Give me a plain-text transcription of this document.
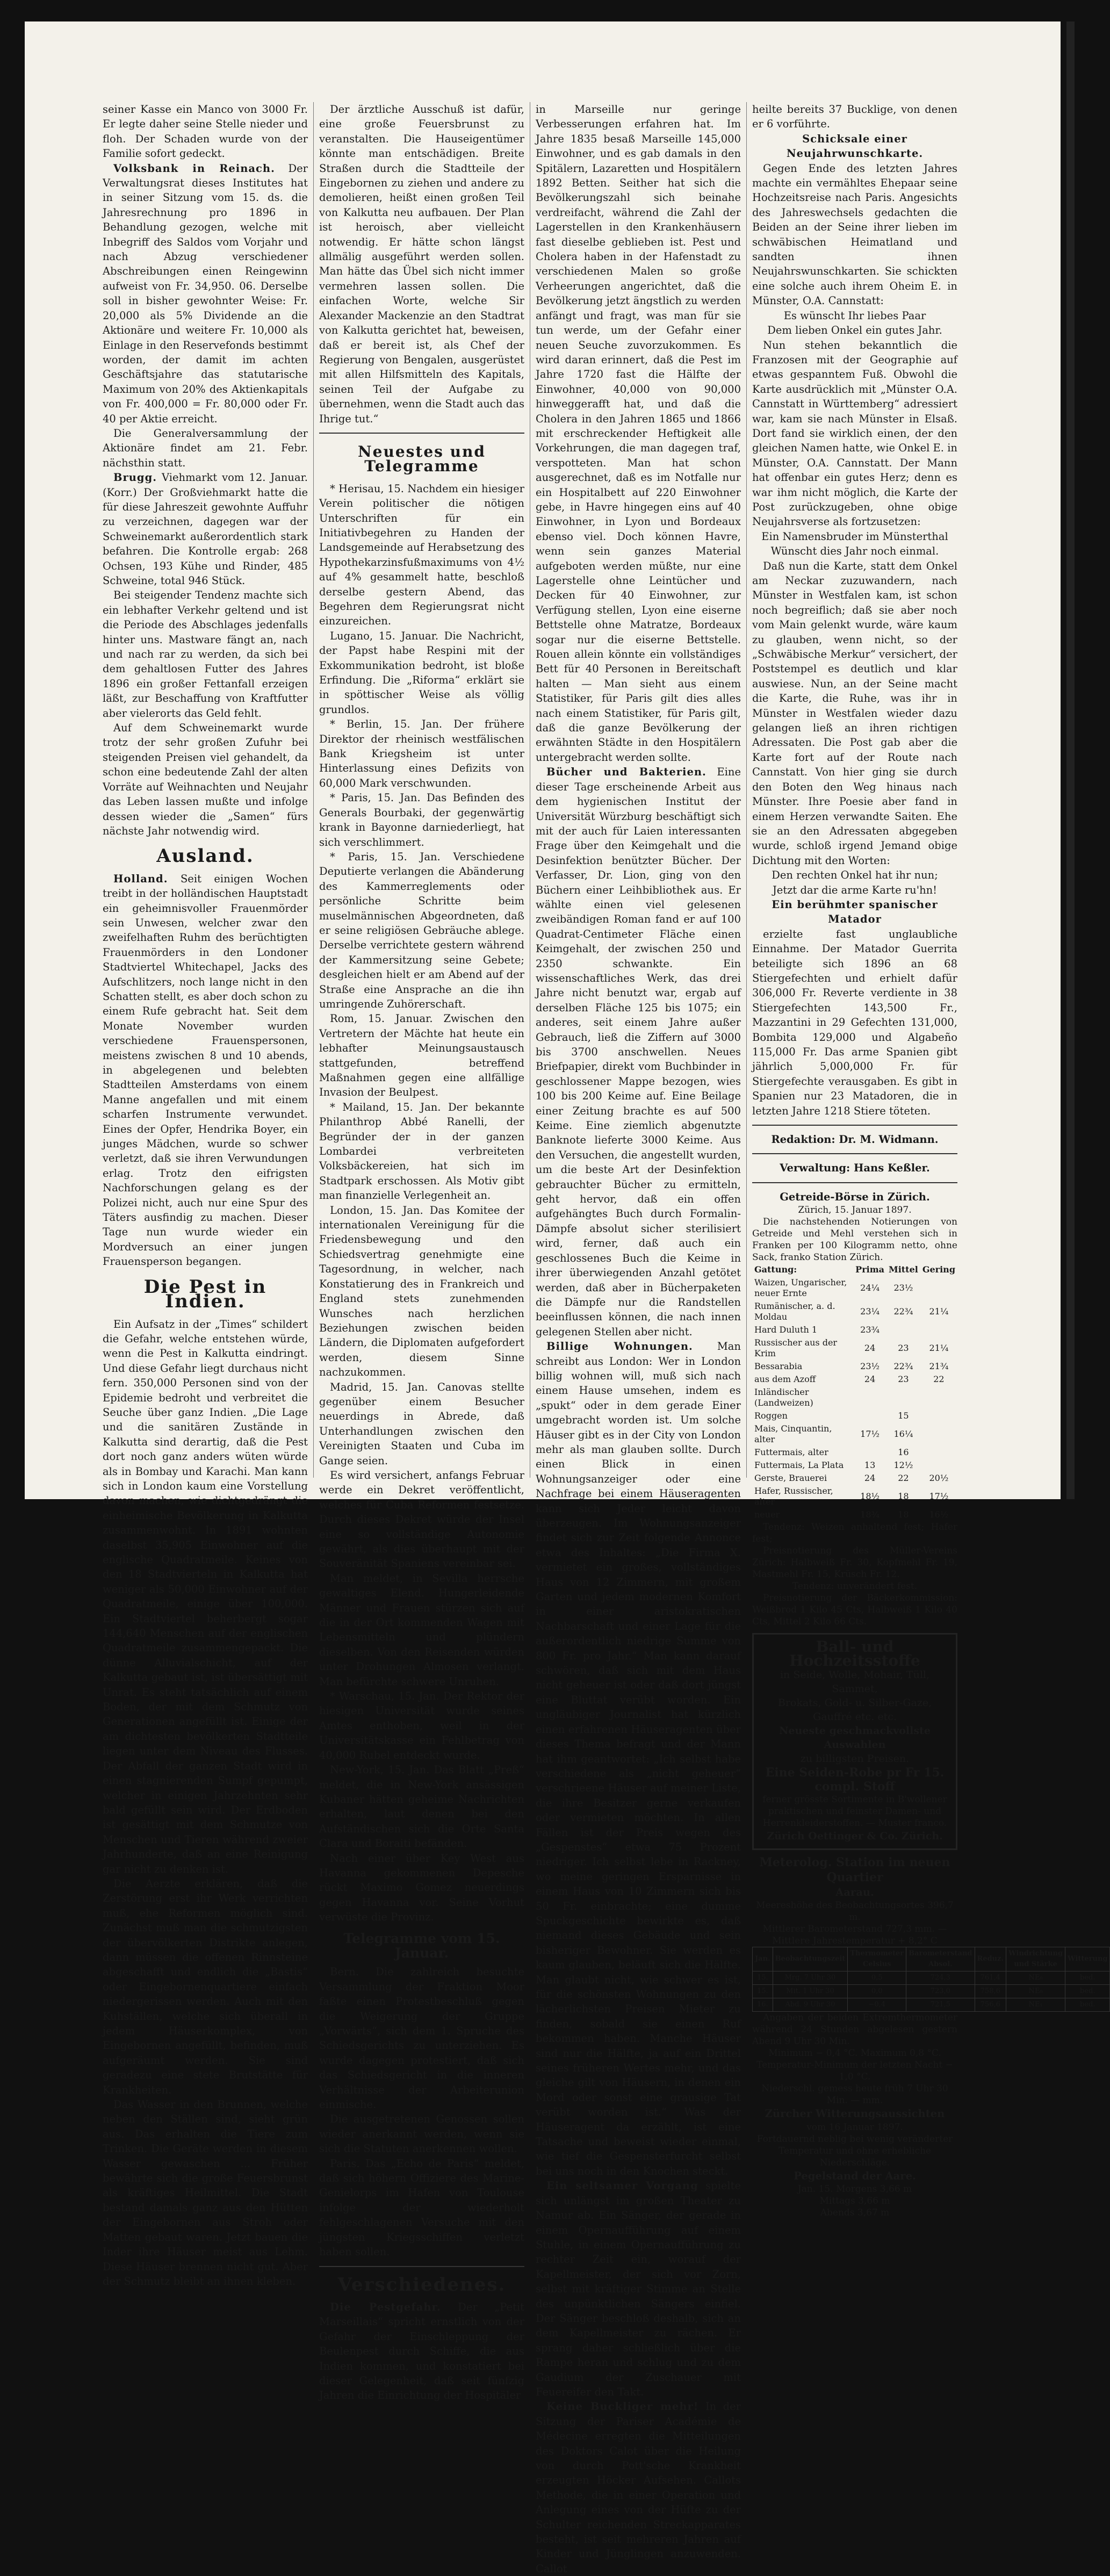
seiner Kasse ein Manco von 3000 Fr. Er legte daher seine Stelle nieder und floh. Der Schaden wurde von der Familie sofort gedeckt.

Volksbank in Reinach. Der Verwaltungsrat dieses Institutes hat in seiner Sitzung vom 15. ds. die Jahresrechnung pro 1896 in Behandlung gezogen, welche mit Inbegriff des Saldos vom Vorjahr und nach Abzug verschiedener Abschreibungen einen Reingewinn aufweist von Fr. 34,950. 06. Derselbe soll in bisher gewohnter Weise: Fr. 20,000 als 5% Dividende an die Aktionäre und weitere Fr. 10,000 als Einlage in den Reservefonds bestimmt worden, der damit im achten Geschäftsjahre das statutarische Maximum von 20% des Aktienkapitals von Fr. 400,000 = Fr. 80,000 oder Fr. 40 per Aktie erreicht.

Die Generalversammlung der Aktionäre findet am 21. Febr. nächsthin statt.

Brugg. Viehmarkt vom 12. Januar. (Korr.) Der Großviehmarkt hatte die für diese Jahreszeit gewohnte Auffuhr zu verzeichnen, dagegen war der Schweinemarkt außerordentlich stark befahren. Die Kontrolle ergab: 268 Ochsen, 193 Kühe und Rinder, 485 Schweine, total 946 Stück.

Bei steigender Tendenz machte sich ein lebhafter Verkehr geltend und ist die Periode des Abschlages jedenfalls hinter uns. Mastware fängt an, nach und nach rar zu werden, da sich bei dem gehaltlosen Futter des Jahres 1896 ein großer Fettanfall erzeigen läßt, zur Beschaffung von Kraftfutter aber vielerorts das Geld fehlt.

Auf dem Schweinemarkt wurde trotz der sehr großen Zufuhr bei steigenden Preisen viel gehandelt, da schon eine bedeutende Zahl der alten Vorräte auf Weihnachten und Neujahr das Leben lassen mußte und infolge dessen wieder die „Samen“ fürs nächste Jahr notwendig wird.

Ausland.

Holland. Seit einigen Wochen treibt in der holländischen Hauptstadt ein geheimnisvoller Frauenmörder sein Unwesen, welcher zwar den zweifelhaften Ruhm des berüchtigten Frauenmörders in den Londoner Stadtviertel Whitechapel, Jacks des Aufschlitzers, noch lange nicht in den Schatten stellt, es aber doch schon zu einem Rufe gebracht hat. Seit dem Monate November wurden verschiedene Frauenspersonen, meistens zwischen 8 und 10 abends, in abgelegenen und belebten Stadtteilen Amsterdams von einem Manne angefallen und mit einem scharfen Instrumente verwundet. Eines der Opfer, Hendrika Boyer, ein junges Mädchen, wurde so schwer verletzt, daß sie ihren Verwundungen erlag. Trotz den eifrigsten Nachforschungen gelang es der Polizei nicht, auch nur eine Spur des Täters ausfindig zu machen. Dieser Tage nun wurde wieder ein Mordversuch an einer jungen Frauensperson begangen.

Die Pest in Indien.

Ein Aufsatz in der „Times“ schildert die Gefahr, welche entstehen würde, wenn die Pest in Kalkutta eindringt. Und diese Gefahr liegt durchaus nicht fern. 350,000 Personen sind von der Epidemie bedroht und verbreitet die Seuche über ganz Indien. „Die Lage und die sanitären Zustände in Kalkutta sind derartig, daß die Pest dort noch ganz anders wüten würde als in Bombay und Karachi. Man kann sich in London kaum eine Vorstellung davon machen, wie dichtgedrängt die einheimische Bevölkerung in Kalkutta zusammenwohnt. In 1891 wohnten daselbst 35,905 Einwohner auf die englische Quadratmeile. Keines von den 18 Stadtvierteln in Kalkutta hat weniger als 50,000 Einwohner auf der Quadratmeile, einige über 100,000. Ein Stadtviertel beherbergt sogar 144,640 Menschen auf der englischen Quadratmeile zusammengepackt. Die dünne Alluvialschicht, auf der Kalkutta gebaut ist, ist übersättigt mit Unrat. Es steht tatsächlich auf einem Boden, der mit dem Schmutz von Generationen angefüllt ist. Einige der am dichtesten bevölkerten Stadtteile liegen unter dem Niveau des Flusses. Der Abfall der ganzen Stadt wird in einen stagnierenden Sumpf gepumpt, welcher in einigen Jahrzehnten sehr bald gefüllt sein wird. Der Erdboden ist gesättigt mit dem Schmutze von Menschen und Tieren während zweier Jahrhunderte, daß an eine Reinigung gar nicht zu denken ist.

Die Aerzte erklären, daß die Zerstörung erst ihr Werk verrichten muß, ehe Reformen möglich sind. Zunächst muß man die schmutzigsten der übervölkerten Distrikte anlegen, dann müssen die offenen Rinnsteine abgeschafft und endlich die „Bastis“ oder Eingebornenquartiere einfach niedergerissen werden. Auch mit den Kuhställen, welche sich überall in jedem Häuserkomplex, von Eingebornen angefüllt, befinden, muß aufgeräumt werden. Sie sind geradezu eine stete Brutstätte für Krankheiten.

Das Wasser in den Brunnen, welche neben den Ställen sind, sieht grün aus. Das erhalten die Tiere zum Trinken. Die Geräte werden in diesem Wasser gewaschen ... Früher bewährte sich die große Feuersbrunst als kräftiges Heilmittel. Die Stadt bestand damals ganz aus den Hütten der Eingebornen aus Stroh oder Matten gebaut waren. Jetzt bauen die Inder ihre Häuser meist aus Lehm. Diese Häuser brennen nicht gut. Aber der Schmutz bleibt an ihnen kleben.

Der ärztliche Ausschuß ist dafür, eine große Feuersbrunst zu veranstalten. Die Hauseigentümer könnte man entschädigen. Breite Straßen durch die Stadtteile der Eingebornen zu ziehen und andere zu demolieren, heißt einen großen Teil von Kalkutta neu aufbauen. Der Plan ist heroisch, aber vielleicht notwendig. Er hätte schon längst allmälig ausgeführt werden sollen. Man hätte das Übel sich nicht immer vermehren lassen sollen. Die einfachen Worte, welche Sir Alexander Mackenzie an den Stadtrat von Kalkutta gerichtet hat, beweisen, daß er bereit ist, als Chef der Regierung von Bengalen, ausgerüstet mit allen Hilfsmitteln des Kapitals, seinen Teil der Aufgabe zu übernehmen, wenn die Stadt auch das Ihrige tut.“

Neuestes und Telegramme

* Herisau, 15. Nachdem ein hiesiger Verein politischer die nötigen Unterschriften für ein Initiativbegehren zu Handen der Landsgemeinde auf Herabsetzung des Hypothekarzinsfußmaximums von 4½ auf 4% gesammelt hatte, beschloß derselbe gestern Abend, das Begehren dem Regierungsrat nicht einzureichen.

Lugano, 15. Januar. Die Nachricht, der Papst habe Respini mit der Exkommunikation bedroht, ist bloße Erfindung. Die „Riforma“ erklärt sie in spöttischer Weise als völlig grundlos.

* Berlin, 15. Jan. Der frühere Direktor der rheinisch westfälischen Bank Kriegsheim ist unter Hinterlassung eines Defizits von 60,000 Mark verschwunden.

* Paris, 15. Jan. Das Befinden des Generals Bourbaki, der gegenwärtig krank in Bayonne darniederliegt, hat sich verschlimmert.

* Paris, 15. Jan. Verschiedene Deputierte verlangen die Abänderung des Kammerreglements oder persönliche Schritte beim muselmännischen Abgeordneten, daß er seine religiösen Gebräuche ablege. Derselbe verrichtete gestern während der Kammersitzung seine Gebete; desgleichen hielt er am Abend auf der Straße eine Ansprache an die ihn umringende Zuhörerschaft.

Rom, 15. Januar. Zwischen den Vertretern der Mächte hat heute ein lebhafter Meinungsaustausch stattgefunden, betreffend Maßnahmen gegen eine allfällige Invasion der Beulpest.

* Mailand, 15. Jan. Der bekannte Philanthrop Abbé Ranelli, der Begründer der in der ganzen Lombardei verbreiteten Volksbäckereien, hat sich im Stadtpark erschossen. Als Motiv gibt man finanzielle Verlegenheit an.

London, 15. Jan. Das Komitee der internationalen Vereinigung für die Friedensbewegung und den Schiedsvertrag genehmigte eine Tagesordnung, in welcher, nach Konstatierung des in Frankreich und England stets zunehmenden Wunsches nach herzlichen Beziehungen zwischen beiden Ländern, die Diplomaten aufgefordert werden, diesem Sinne nachzukommen.

Madrid, 15. Jan. Canovas stellte gegenüber einem Besucher neuerdings in Abrede, daß Unterhandlungen zwischen den Vereinigten Staaten und Cuba im Gange seien.

Es wird versichert, anfangs Februar werde ein Dekret veröffentlicht, welches für Cuba Reformen festsetze. Durch dieses Dekret würde der Insel eine so vollständige Autonomie gewährt, als dies überhaupt mit der Souveränität Spaniens vereinbar sei.

Man meldet, in Sevilla herrsche gewaltiges Elend. Hungerleidende Männer und Frauen stürzen sich auf die in der Ort kommenden Wagen mit Lebensmitteln und plündern dieselben. Von den Reisenden würden unter Drohungen Almosen verlangt. Man befürchte schwere Unruhen.

* Warschau, 15. Jan. Der Rektor der hiesigen Universität wurde seines Amtes enthoben, weil in der Universitätskasse ein Fehlbetrag von 40,000 Rubel entdeckt wurde.

New-York, 15. Jan. Das Blatt „Preß“ meldet, die in New-York ansässigen Kubaner hätten geheime Nachrichten erhalten, laut denen bei den Aufständischen sich die Orte Santa Clara und Boraiti befänden.

Nach einer über Key West aus Havanna gekommenen Depesche rückt Maximo Gomez neuerdings gegen Havanna vor. Seine Vorhut verwüste die Provinz.

Telegramme vom 15. Januar.

Bern. Die zahlreich besuchte Versammlung der Fraktion Moor faßte einen Protestbeschluß gegen die Weigerung der Gruppe „Vorwärts“, sich dem 1. Spruche des Schiedsgerichts zu unterziehen. Es wurde dagegen protestiert, daß sich das Schiedsgericht in die inneren Verhältnisse der Arbeiterunion einmische.

Die ausgetretenen Genossen sollen wieder anerkannt werden, wenn sie sich die Statuten anerkennen wollen.

Paris. Das „Echo de Paris“ meldet, daß sich höhern Offiziere des Marine-Genielorps im Hafen von Toulouse infolge der wiederholt fehlgeschlagenen Versuche mit den jüngsten Kriegsschiffen verletzt haben sollen.

Verschiedenes.

Die Pestgefahr. Der „Petit Marseillais“ spricht ernstlich von der Gefahr der Einschleppung der Beulenpest durch Schiffe, die aus Indien kommen, und konstatiert bei dieser Gelegenheit, daß seit fünfzig Jahren die Einrichtung der Hospitäler

in Marseille nur geringe Verbesserungen erfahren hat. Im Jahre 1835 besaß Marseille 145,000 Einwohner, und es gab damals in den Spitälern, Lazaretten und Hospitälern 1892 Betten. Seither hat sich die Bevölkerungszahl sich beinahe verdreifacht, während die Zahl der Lagerstellen in den Krankenhäusern fast dieselbe geblieben ist. Pest und Cholera haben in der Hafenstadt zu verschiedenen Malen so große Verheerungen angerichtet, daß die Bevölkerung jetzt ängstlich zu werden anfängt und fragt, was man für sie tun werde, um der Gefahr einer neuen Seuche zuvorzukommen. Es wird daran erinnert, daß die Pest im Jahre 1720 fast die Hälfte der Einwohner, 40,000 von 90,000 hinweggerafft hat, und daß die Cholera in den Jahren 1865 und 1866 mit erschreckender Heftigkeit alle Vorkehrungen, die man dagegen traf, verspotteten. Man hat schon ausgerechnet, daß es im Notfalle nur ein Hospitalbett auf 220 Einwohner gebe, in Havre hingegen eins auf 40 Einwohner, in Lyon und Bordeaux ebenso viel. Doch können Havre, wenn sein ganzes Material aufgeboten werden müßte, nur eine Lagerstelle ohne Leintücher und Decken für 40 Einwohner, zur Verfügung stellen, Lyon eine eiserne Bettstelle ohne Matratze, Bordeaux sogar nur die eiserne Bettstelle. Rouen allein könnte ein vollständiges Bett für 40 Personen in Bereitschaft halten — Man sieht aus einem Statistiker, für Paris gilt dies alles nach einem Statistiker, für Paris gilt, daß die ganze Bevölkerung der erwähnten Städte in den Hospitälern untergebracht werden sollte.

Bücher und Bakterien. Eine dieser Tage erscheinende Arbeit aus dem hygienischen Institut der Universität Würzburg beschäftigt sich mit der auch für Laien interessanten Frage über den Keimgehalt und die Desinfektion benützter Bücher. Der Verfasser, Dr. Lion, ging von den Büchern einer Leihbibliothek aus. Er wählte einen viel gelesenen zweibändigen Roman fand er auf 100 Quadrat-Centimeter Fläche einen Keimgehalt, der zwischen 250 und 2350 schwankte. Ein wissenschaftliches Werk, das drei Jahre nicht benutzt war, ergab auf derselben Fläche 125 bis 1075; ein anderes, seit einem Jahre außer Gebrauch, ließ die Ziffern auf 3000 bis 3700 anschwellen. Neues Briefpapier, direkt vom Buchbinder in geschlossener Mappe bezogen, wies 100 bis 200 Keime auf. Eine Beilage einer Zeitung brachte es auf 500 Keime. Eine ziemlich abgenutzte Banknote lieferte 3000 Keime. Aus den Versuchen, die angestellt wurden, um die beste Art der Desinfektion gebrauchter Bücher zu ermitteln, geht hervor, daß ein offen aufgehängtes Buch durch Formalin-Dämpfe absolut sicher sterilisiert wird, ferner, daß auch ein geschlossenes Buch die Keime in ihrer überwiegenden Anzahl getötet werden, daß aber in Bücherpaketen die Dämpfe nur die Randstellen beeinflussen können, die nach innen gelegenen Stellen aber nicht.

Billige Wohnungen. Man schreibt aus London: Wer in London billig wohnen will, muß sich nach einem Hause umsehen, indem es „spukt“ oder in dem gerade Einer umgebracht worden ist. Um solche Häuser gibt es in der City von London mehr als man glauben sollte. Durch einen Blick in einen Wohnungsanzeiger oder eine Nachfrage bei einem Häuseragenten kann sich Jeder leicht davon überzeugen. Im Wohnungsanzeiger findet sich zur Zeit folgende Annonce etwa des Inhaltes: „Die Firma X. vermietet ein großes, vollständiges Haus von 12 Zimmern, mit großem Garten und jedem modernen Komfort in einer aristokratischen Nachbarschaft und einer Lage für die außerordentlich niedrige Summe von 800 Fr. pro Jahr.“ Man kann darauf schwören, daß sich mit dem Haus nicht geheuer ist oder daß dort jüngst eine Bluttat verübt worden. Ein ungläubiger Journalist hat kürzlich einen erfahrenen Häuseragenten über dieses Thema befragt und der Mann hat ihm geantwortet: „Ich selbst habe verschiedene als „nicht geheuer“ verschrieene Häuser auf meiner Liste, die ihre Besitzer gerne verkaufen oder vermieten möchten. In allen Fällen ist der Preis wegen des „Gespenstes“ etwa 75 Prozent niedriger. Ich selbst lebe in Rackney, wo meine geringen Ersparnisse in einem Haus von 10 Zimmern sich bis 50 Fr. einbrachte; eine dumme Spuckgeschichte bewirkte es, daß niemand dieses Gebäude und sein bisheriger Bewohner. Sie werden es kaum glauben, beläuft sich die Hälfte. Man glaubt nicht, wie schwer es ist, für die schönsten Wohnungen zu den lächerlichsten Preisen Mieter zu finden, sobald sie einen Ruf bekommen haben. Manche Häuser sind nur die Hälfte, ja auf ein Drittel seines früheren Wertes mehr, und das gleiche gilt von Häusern, in denen ein Mord oder sonst eine grausige Tat verübt worden ist.“ Was der Häuseragent da erzählt, ist eine Tatsache und beweist wieder einmal, wie tief die Gespensterfurcht selbst bei uns noch in den Knochen steckt.

Ein seltsamer Vorgang spielte sich unlängst im großen Theater zu Namur ab. Ein Sänger, der gerade in einem Opernaufführung auf einem Stuhle, in einem Opernaufführung zu rechter Zeit ein, worauf der Kapellmeister, der sich vor Zorn, selbst mit kräftiger Stimme an Stelle des unpünktlichen Sängers einfiel. Der Sänger beschloß deshalb, sich an dem Kapellmeister zu rächen. Er sprang daher schließlich über die Rampe heran und schlug und zu dem Gaudium der Zuschauer mit Feuereifer den Takt.

Keine Buckliger mehr! In der Sitzung der Pariser Académie de Médecine erregten die Mitteilungen des Doktors Calot über die Heilung von durch Pott'sche Krankheit erzeugten Höcker Aufsehen. Callots Methode, die in einer Operation und Anlegung eines von der Hüfte zu der Schulter reichenden Streckapparates besteht, ist seit mehreren Jahren auf Kinder und Jünglingen anzuwenden. Callot

heilte bereits 37 Bucklige, von denen er 6 vorführte.

Schicksale einer Neujahrwunschkarte.

Gegen Ende des letzten Jahres machte ein vermähltes Ehepaar seine Hochzeitsreise nach Paris. Angesichts des Jahreswechsels gedachten die Beiden an der Seine ihrer lieben im schwäbischen Heimatland und sandten ihnen Neujahrswunschkarten. Sie schickten eine solche auch ihrem Oheim E. in Münster, O.A. Cannstatt:

Es wünscht Ihr liebes Paar

Dem lieben Onkel ein gutes Jahr.

Nun stehen bekanntlich die Franzosen mit der Geographie auf etwas gespanntem Fuß. Obwohl die Karte ausdrücklich mit „Münster O.A. Cannstatt in Württemberg“ adressiert war, kam sie nach Münster in Elsaß. Dort fand sie wirklich einen, der den gleichen Namen hatte, wie Onkel E. in Münster, O.A. Cannstatt. Der Mann hat offenbar ein gutes Herz; denn es war ihm nicht möglich, die Karte der Post zurückzugeben, ohne obige Neujahrsverse als fortzusetzen:

Ein Namensbruder im Münsterthal

Wünscht dies Jahr noch einmal.

Daß nun die Karte, statt dem Onkel am Neckar zuzuwandern, nach Münster in Westfalen kam, ist schon noch begreiflich; daß sie aber noch vom Main gelenkt wurde, wäre kaum zu glauben, wenn nicht, so der „Schwäbische Merkur“ versichert, der Poststempel es deutlich und klar auswiese. Nun, an der Seine macht die Karte, die Ruhe, was ihr in Münster in Westfalen wieder dazu gelangen ließ an ihren richtigen Adressaten. Die Post gab aber die Karte fort auf der Route nach Cannstatt. Von hier ging sie durch den Boten den Weg hinaus nach Münster. Ihre Poesie aber fand in einem Herzen verwandte Saiten. Ehe sie an den Adressaten abgegeben wurde, schloß irgend Jemand obige Dichtung mit den Worten:

Den rechten Onkel hat ihr nun;

Jetzt dar die arme Karte ru'hn!

Ein berühmter spanischer Matador

erzielte fast unglaubliche Einnahme. Der Matador Guerrita beteiligte sich 1896 an 68 Stiergefechten und erhielt dafür 306,000 Fr. Reverte verdiente in 38 Stiergefechten 143,500 Fr., Mazzantini in 29 Gefechten 131,000, Bombita 129,000 und Algabeño 115,000 Fr. Das arme Spanien gibt jährlich 5,000,000 Fr. für Stiergefechte verausgaben. Es gibt in Spanien nur 23 Matadoren, die in letzten Jahre 1218 Stiere töteten.

Redaktion: Dr. M. Widmann.

Verwaltung: Hans Keßler.

Getreide-Börse in Zürich.

Zürich, 15. Januar 1897.

Die nachstehenden Notierungen von Getreide und Mehl verstehen sich in Franken per 100 Kilogramm netto, ohne Sack, franko Station Zürich.

Gattung:	Prima	Mittel	Gering
Waizen, Ungarischer, neuer Ernte	24¼	23½	
Rumänischer, a. d. Moldau	23¼	22¾	21¼
Hard Duluth 1	23¾		
Russischer aus der Krim	24	23	21¼
Bessarabia	23½	22¾	21¾
aus dem Azoff	24	23	22
Inländischer (Landweizen)			
Roggen		15	
Mais, Cinquantin, alter	17½	16¼	
Futtermais, alter		16	
Futtermais, La Plata	13	12½	
Gerste, Brauerei	24	22	20½
Hafer, Russischer, alter	18½	18	17½
neuer	18¾	18	16½

Tendenz: Weizen anhaltend fest; Hafer fest;

Preisnotierung des Müller-Vereins Zürich: Halbweiß Fr. 30, Kopfmehl Fr. 19, Mastmehl Fr. 15, Krüsch Fr. 12.

Tendenz: unverändert fest.

Preisnotierung der Bäckerkommission: Weißbrod 1 Kilo 45 Cts, Halbweiß 1 Kilo 40 Cts, Mittel 2 Kilo 66 Cts.

Ball- und Hochzeitsstoffe
in Seide, Wolle, Mohair, Tüll, Sammet,
Brokats, Gold- u. Silber-Gaze, Gauffré etc. etc.
Neueste geschmackvollste Auswahlen
zu billigsten Preisen.
Eine Seiden-Robe pr Fr 15. compl. Stoff
ferner grösste Sortimente in B'wollener praktischen und feinster Damen- und Herrenkleiderstoffen. — Muster franco.
Zürich Oettinger & Co. Zürich.

Meterolog. Station im neuen Quartier

Aarau.

Meereshöhe des Beobachtungsortes 396,7 m.

Mittlerer Barometerstand 727,3 mm. — Mittlere Jahrestemperatur + 8,2° C

Jan.	Beobachtungszeit	Thermometer Celsius	Barometerstand Absol.	Reduz.	Windrichtung und Stärke	Witterung
15.	Mrg. 7 Uhr 30	0,5	724,3	761,4	NE₀	bed.
15.	Mit. 1 Uhr 30	0,0	723,0	758,6	NE₀	bed.
16.	Abd. 9 Uhr 30	−0,4	721,5	756,6	NE₁	bed.

Angaben der beiden Extremthermometer während 24 Stunden abgelesen gestern Abend 9 Uhr 30 Min.

Minimum − 0,4 °C. Maximum 0,8 °C.

Temperatur-Minimum der letzten Nacht − 1,0 °C.

Niederschl. gemess heute früh 7 Uhr 30 Min. — mm.

Zürcher Witterungsaussichten

vom 16 Januar 1897.

Fortdauernd neblig bei wenig veränderter Temperatur und ohne erhebliche Niederschläge.

Pegelstand der Aare.

Jan. 15. Morgens 3,66 m
Mittags 3,66 m
Abends 3,67 m
